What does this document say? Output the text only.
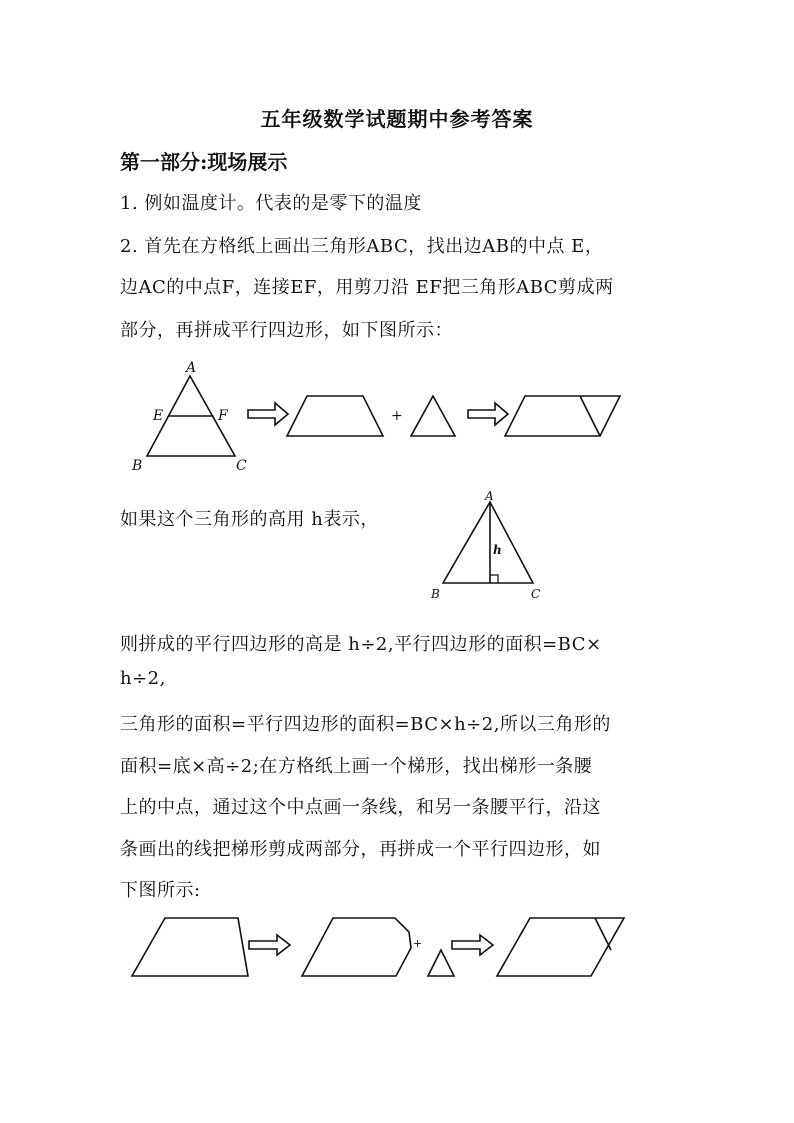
五年级数学试题期中参考答案
第一部分:现场展示
1. 例如温度计。代表的是零下的温度
2. 首先在方格纸上画出三角形ABC，找出边AB的中点 E，
边AC的中点F，连接EF，用剪刀沿 EF把三角形ABC剪成两
部分，再拼成平行四边形，如下图所示：
A
B	C
E	F	+
如果这个三角形的高用 h表示，
A
B	C
h
则拼成的平行四边形的高是 h÷2,平行四边形的面积=BC×
h÷2,
三角形的面积=平行四边形的面积=BC×h÷2,所以三角形的
面积=底×高÷2;在方格纸上画一个梯形，找出梯形一条腰
上的中点，通过这个中点画一条线，和另一条腰平行，沿这
条画出的线把梯形剪成两部分，再拼成一个平行四边形，如
下图所示:
+
